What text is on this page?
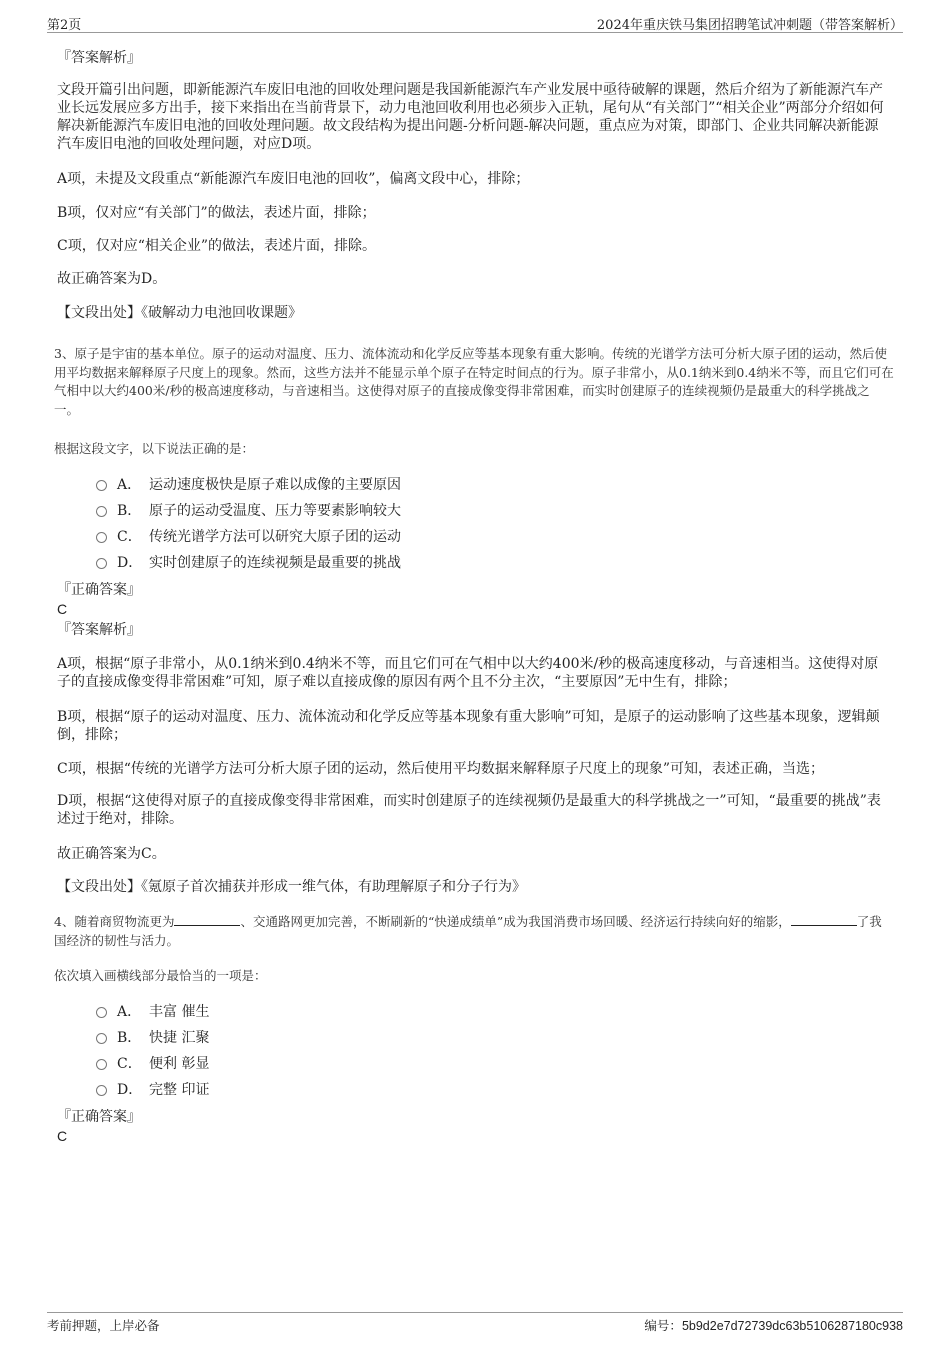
第2页	2024年重庆铁马集团招聘笔试冲刺题（带答案解析）
『答案解析』
文段开篇引出问题，即新能源汽车废旧电池的回收处理问题是我国新能源汽车产业发展中亟待破解的课题，然后介绍为了新能源汽车产业长远发展应多方出手，接下来指出在当前背景下，动力电池回收利用也必须步入正轨，尾句从“有关部门”“相关企业”两部分介绍如何解决新能源汽车废旧电池的回收处理问题。故文段结构为提出问题-分析问题-解决问题，重点应为对策，即部门、企业共同解决新能源汽车废旧电池的回收处理问题，对应D项。
A项，未提及文段重点“新能源汽车废旧电池的回收”，偏离文段中心，排除；
B项，仅对应“有关部门”的做法，表述片面，排除；
C项，仅对应“相关企业”的做法，表述片面，排除。
故正确答案为D。
【文段出处】《破解动力电池回收课题》
3、原子是宇宙的基本单位。原子的运动对温度、压力、流体流动和化学反应等基本现象有重大影响。传统的光谱学方法可分析大原子团的运动，然后使用平均数据来解释原子尺度上的现象。然而，这些方法并不能显示单个原子在特定时间点的行为。原子非常小，从0.1纳米到0.4纳米不等，而且它们可在气相中以大约400米/秒的极高速度移动，与音速相当。这使得对原子的直接成像变得非常困难，而实时创建原子的连续视频仍是最重大的科学挑战之一。
根据这段文字，以下说法正确的是：
A． 运动速度极快是原子难以成像的主要原因
B． 原子的运动受温度、压力等要素影响较大
C． 传统光谱学方法可以研究大原子团的运动
D． 实时创建原子的连续视频是最重要的挑战
『正确答案』
C
『答案解析』
A项，根据“原子非常小，从0.1纳米到0.4纳米不等，而且它们可在气相中以大约400米/秒的极高速度移动，与音速相当。这使得对原子的直接成像变得非常困难”可知，原子难以直接成像的原因有两个且不分主次，“主要原因”无中生有，排除；
B项，根据“原子的运动对温度、压力、流体流动和化学反应等基本现象有重大影响”可知，是原子的运动影响了这些基本现象，逻辑颠倒，排除；
C项，根据“传统的光谱学方法可分析大原子团的运动，然后使用平均数据来解释原子尺度上的现象”可知，表述正确，当选；
D项，根据“这使得对原子的直接成像变得非常困难，而实时创建原子的连续视频仍是最重大的科学挑战之一”可知，“最重要的挑战”表述过于绝对，排除。
故正确答案为C。
【文段出处】《氪原子首次捕获并形成一维气体，有助理解原子和分子行为》
4、随着商贸物流更为	、交通路网更加完善，不断刷新的“快递成绩单”成为我国消费市场回暖、经济运行持续向好的缩影，	了我国经济的韧性与活力。
依次填入画横线部分最恰当的一项是：
A． 丰富 催生
B． 快捷 汇聚
C． 便利 彰显
D． 完整 印证
『正确答案』
C
考前押题，上岸必备	编号：5b9d2e7d72739dc63b5106287180c938
